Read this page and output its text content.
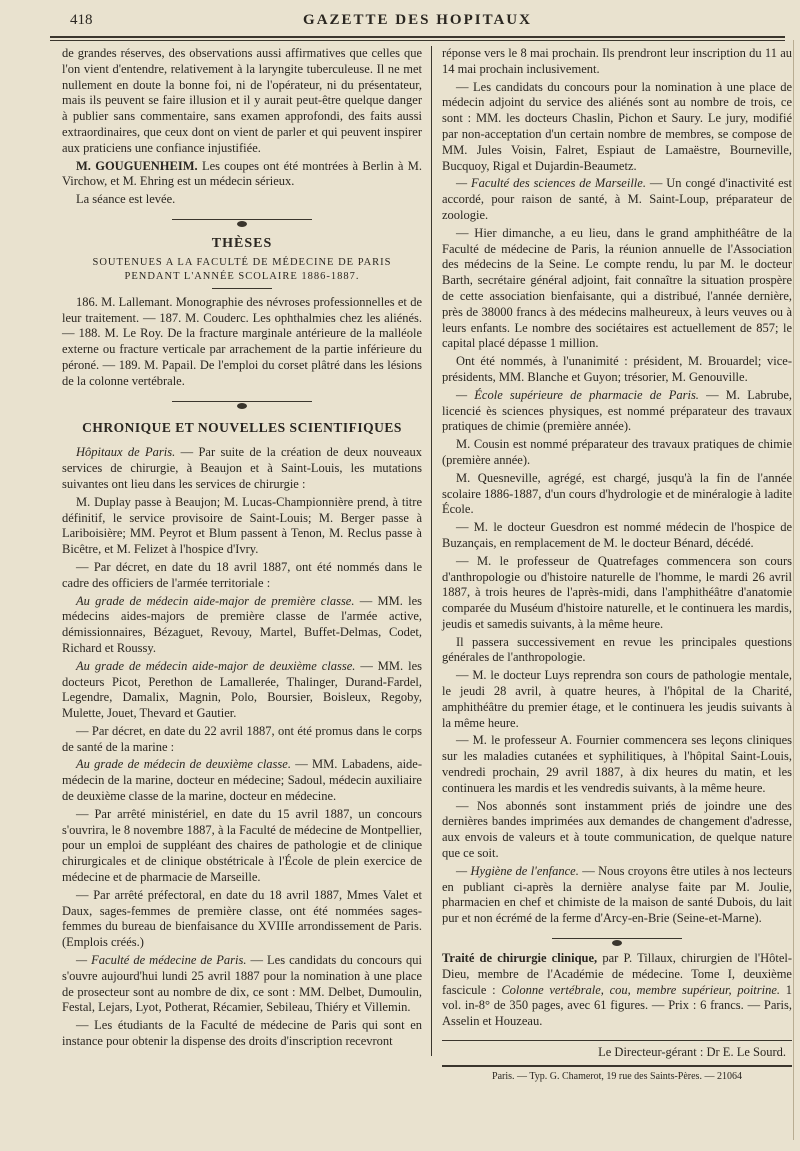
418	GAZETTE DES HOPITAUX

de grandes réserves, des observations aussi affirmatives que celles que l'on vient d'entendre, relativement à la laryngite tuberculeuse. Il ne met nullement en doute la bonne foi, ni de l'opérateur, ni du présentateur, mais ils peuvent se faire illusion et il y aurait peut-être quelque danger à publier sans commentaire, sans examen approfondi, des faits aussi extraordinaires, que ceux dont on vient de parler et qui peuvent inspirer aux praticiens une confiance injustifiée.

M. GOUGUENHEIM. Les coupes ont été montrées à Berlin à M. Virchow, et M. Ehring est un médecin sérieux.

La séance est levée.

THÈSES
SOUTENUES A LA FACULTÉ DE MÉDECINE DE PARIS
PENDANT L'ANNÉE SCOLAIRE 1886-1887.

186. M. Lallemant. Monographie des névroses professionnelles et de leur traitement. — 187. M. Couderc. Les ophthalmies chez les aliénés. — 188. M. Le Roy. De la fracture marginale antérieure de la malléole externe ou fracture verticale par arrachement de la partie inférieure du péroné. — 189. M. Papail. De l'emploi du corset plâtré dans les lésions de la colonne vertébrale.

CHRONIQUE ET NOUVELLES SCIENTIFIQUES

Hôpitaux de Paris. — Par suite de la création de deux nouveaux services de chirurgie, à Beaujon et à Saint-Louis, les mutations suivantes ont lieu dans les services de chirurgie :

M. Duplay passe à Beaujon; M. Lucas-Championnière prend, à titre définitif, le service provisoire de Saint-Louis; M. Berger passe à Lariboisière; MM. Peyrot et Blum passent à Tenon, M. Reclus passe à Bicêtre, et M. Felizet à l'hospice d'Ivry.

— Par décret, en date du 18 avril 1887, ont été nommés dans le cadre des officiers de l'armée territoriale :

Au grade de médecin aide-major de première classe. — MM. les médecins aides-majors de première classe de l'armée active, démissionnaires, Bézaguet, Revouy, Martel, Buffet-Delmas, Codet, Richard et Roussy.

Au grade de médecin aide-major de deuxième classe. — MM. les docteurs Picot, Perethon de Lamallerée, Thalinger, Durand-Fardel, Legendre, Damalix, Magnin, Polo, Boursier, Boisleux, Regoby, Mulette, Jouet, Thevard et Gautier.

— Par décret, en date du 22 avril 1887, ont été promus dans le corps de santé de la marine :

Au grade de médecin de deuxième classe. — MM. Labadens, aide-médecin de la marine, docteur en médecine; Sadoul, médecin auxiliaire de deuxième classe de la marine, docteur en médecine.

— Par arrêté ministériel, en date du 15 avril 1887, un concours s'ouvrira, le 8 novembre 1887, à la Faculté de médecine de Montpellier, pour un emploi de suppléant des chaires de pathologie et de clinique chirurgicales et de clinique obstétricale à l'École de plein exercice de médecine et de pharmacie de Marseille.

— Par arrêté préfectoral, en date du 18 avril 1887, Mmes Valet et Daux, sages-femmes de première classe, ont été nommées sages-femmes du bureau de bienfaisance du XVIIIe arrondissement de Paris. (Emplois créés.)

— Faculté de médecine de Paris. — Les candidats du concours qui s'ouvre aujourd'hui lundi 25 avril 1887 pour la nomination à une place de prosecteur sont au nombre de dix, ce sont : MM. Delbet, Dumoulin, Festal, Lejars, Lyot, Potherat, Récamier, Sebileau, Thiéry et Villemin.

— Les étudiants de la Faculté de médecine de Paris qui sont en instance pour obtenir la dispense des droits d'inscription recevront

réponse vers le 8 mai prochain. Ils prendront leur inscription du 11 au 14 mai prochain inclusivement.

— Les candidats du concours pour la nomination à une place de médecin adjoint du service des aliénés sont au nombre de trois, ce sont : MM. les docteurs Chaslin, Pichon et Saury. Le jury, modifié par non-acceptation d'un certain nombre de membres, se compose de MM. Jules Voisin, Falret, Espiaut de Lamaëstre, Bourneville, Bucquoy, Rigal et Dujardin-Beaumetz.

— Faculté des sciences de Marseille. — Un congé d'inactivité est accordé, pour raison de santé, à M. Saint-Loup, préparateur de zoologie.

— Hier dimanche, a eu lieu, dans le grand amphithéâtre de la Faculté de médecine de Paris, la réunion annuelle de l'Association des médecins de la Seine. Le compte rendu, lu par M. le docteur Barth, secrétaire général adjoint, fait connaître la situation prospère de cette association bienfaisante, qui a distribué, l'année dernière, près de 38000 francs à des médecins malheureux, à leurs veuves ou à leurs enfants. Le nombre des sociétaires est actuellement de 857; le capital placé dépasse 1 million.

Ont été nommés, à l'unanimité : président, M. Brouardel; vice-présidents, MM. Blanche et Guyon; trésorier, M. Genouville.

— École supérieure de pharmacie de Paris. — M. Labrube, licencié ès sciences physiques, est nommé préparateur des travaux pratiques de chimie (première année).

M. Cousin est nommé préparateur des travaux pratiques de chimie (première année).

M. Quesneville, agrégé, est chargé, jusqu'à la fin de l'année scolaire 1886-1887, d'un cours d'hydrologie et de minéralogie à ladite École.

— M. le docteur Guesdron est nommé médecin de l'hospice de Buzançais, en remplacement de M. le docteur Bénard, décédé.

— M. le professeur de Quatrefages commencera son cours d'anthropologie ou d'histoire naturelle de l'homme, le mardi 26 avril 1887, à trois heures de l'après-midi, dans l'amphithéâtre d'anatomie comparée du Muséum d'histoire naturelle, et le continuera les mardis, jeudis et samedis suivants, à la même heure.

Il passera successivement en revue les principales questions générales de l'anthropologie.

— M. le docteur Luys reprendra son cours de pathologie mentale, le jeudi 28 avril, à quatre heures, à l'hôpital de la Charité, amphithéâtre du premier étage, et le continuera les jeudis suivants à la même heure.

— M. le professeur A. Fournier commencera ses leçons cliniques sur les maladies cutanées et syphilitiques, à l'hôpital Saint-Louis, vendredi prochain, 29 avril 1887, à dix heures du matin, et les continuera les mardis et les vendredis suivants, à la même heure.

— Nos abonnés sont instamment priés de joindre une des dernières bandes imprimées aux demandes de changement d'adresse, aux envois de valeurs et à toute communication, de quelque nature que ce soit.

— Hygiène de l'enfance. — Nous croyons être utiles à nos lecteurs en publiant ci-après la dernière analyse faite par M. Joulie, pharmacien en chef et chimiste de la maison de santé Dubois, du lait pur et non écrémé de la ferme d'Arcy-en-Brie (Seine-et-Marne).

Traité de chirurgie clinique, par P. Tillaux, chirurgien de l'Hôtel-Dieu, membre de l'Académie de médecine. Tome I, deuxième fascicule : Colonne vertébrale, cou, membre supérieur, poitrine. 1 vol. in-8° de 350 pages, avec 61 figures. — Prix : 6 francs. — Paris, Asselin et Houzeau.

Le Directeur-gérant : Dr E. Le Sourd.
Paris. — Typ. G. Chamerot, 19 rue des Saints-Pères. — 21064
